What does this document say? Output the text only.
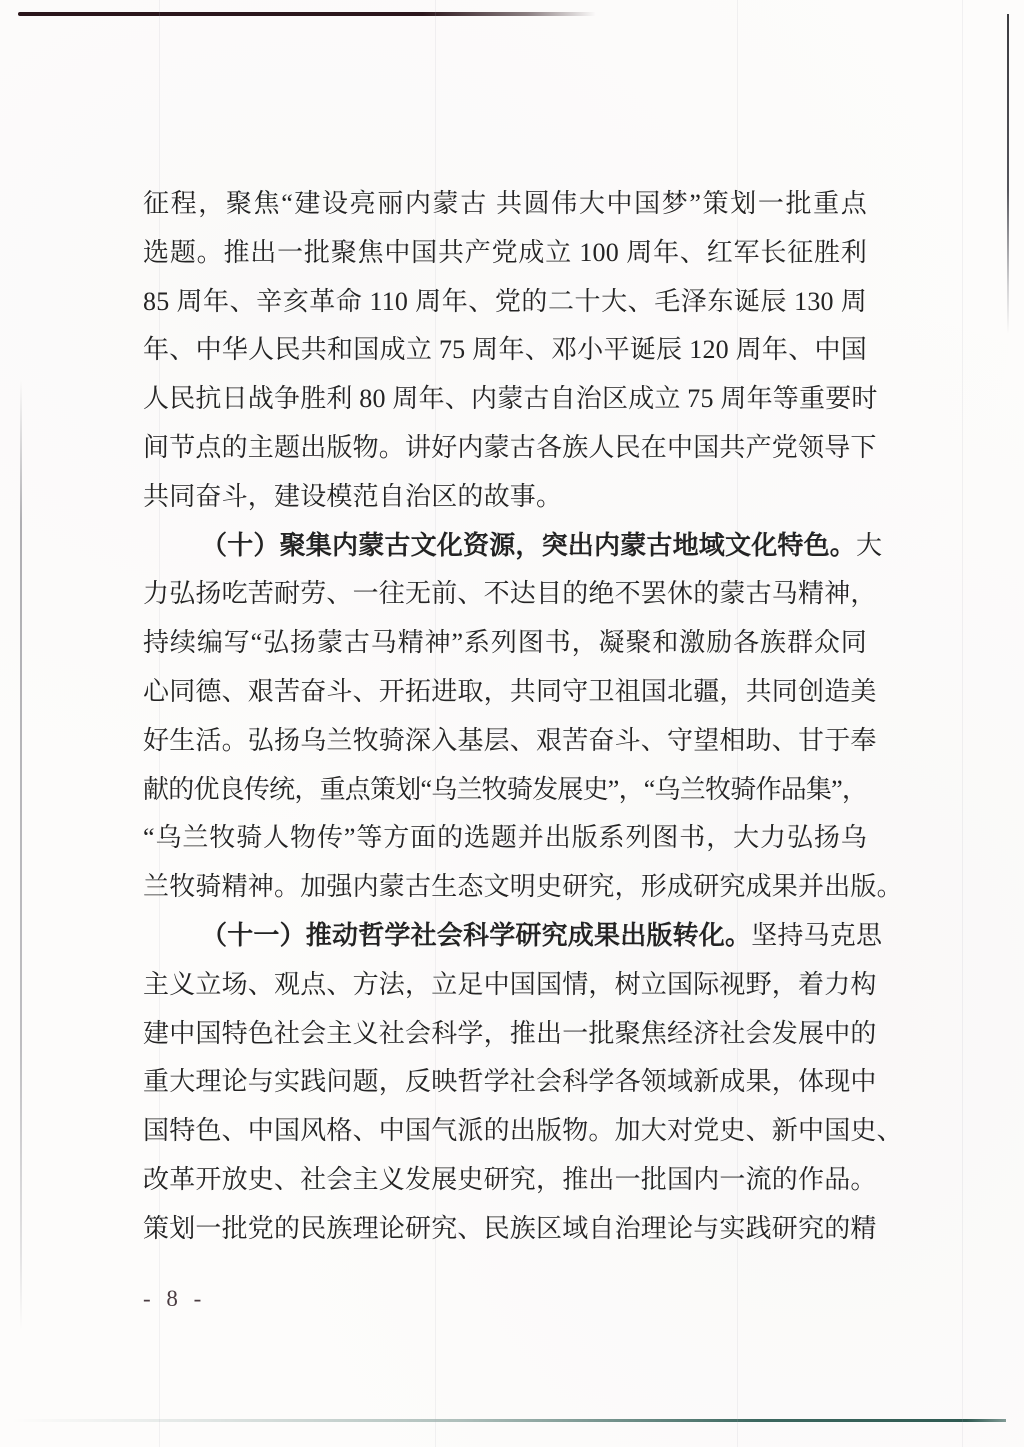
征程，聚焦“建设亮丽内蒙古 共圆伟大中国梦”策划一批重点
选题。推出一批聚焦中国共产党成立 100 周年、红军长征胜利
85 周年、辛亥革命 110 周年、党的二十大、毛泽东诞辰 130 周
年、中华人民共和国成立 75 周年、邓小平诞辰 120 周年、中国
人民抗日战争胜利 80 周年、内蒙古自治区成立 75 周年等重要时
间节点的主题出版物。讲好内蒙古各族人民在中国共产党领导下
共同奋斗，建设模范自治区的故事。
（十）聚集内蒙古文化资源，突出内蒙古地域文化特色。大
力弘扬吃苦耐劳、一往无前、不达目的绝不罢休的蒙古马精神，
持续编写“弘扬蒙古马精神”系列图书，凝聚和激励各族群众同
心同德、艰苦奋斗、开拓进取，共同守卫祖国北疆，共同创造美
好生活。弘扬乌兰牧骑深入基层、艰苦奋斗、守望相助、甘于奉
献的优良传统，重点策划“乌兰牧骑发展史”，“乌兰牧骑作品集”，
“乌兰牧骑人物传”等方面的选题并出版系列图书，大力弘扬乌
兰牧骑精神。加强内蒙古生态文明史研究，形成研究成果并出版。
（十一）推动哲学社会科学研究成果出版转化。坚持马克思
主义立场、观点、方法，立足中国国情，树立国际视野，着力构
建中国特色社会主义社会科学，推出一批聚焦经济社会发展中的
重大理论与实践问题，反映哲学社会科学各领域新成果，体现中
国特色、中国风格、中国气派的出版物。加大对党史、新中国史、
改革开放史、社会主义发展史研究，推出一批国内一流的作品。
策划一批党的民族理论研究、民族区域自治理论与实践研究的精
- 8 -
